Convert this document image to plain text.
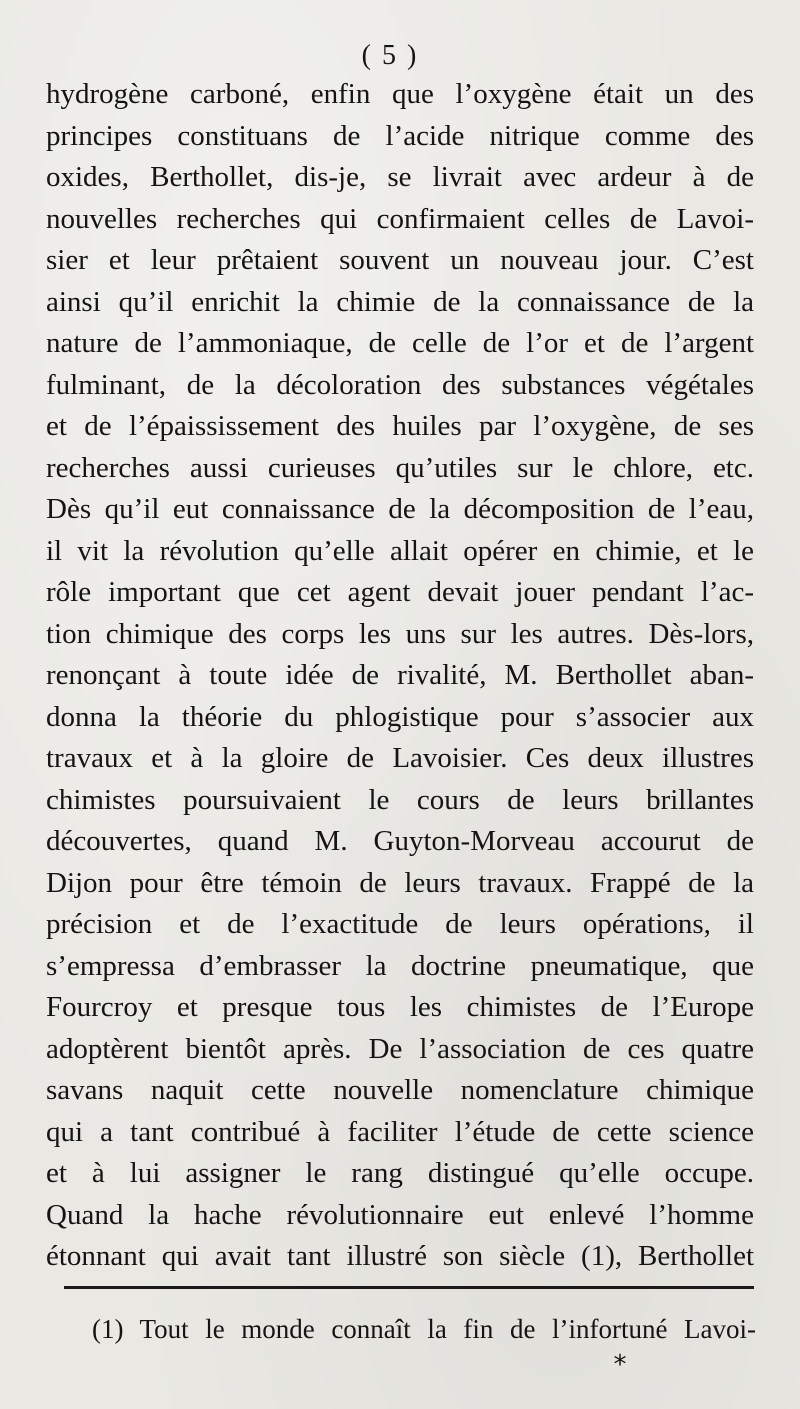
( 5 )
hydrogène carboné, enfin que l’oxygène était un des
principes constituans de l’acide nitrique comme des
oxides, Berthollet, dis-je, se livrait avec ardeur à de
nouvelles recherches qui confirmaient celles de Lavoi-
sier et leur prêtaient souvent un nouveau jour. C’est
ainsi qu’il enrichit la chimie de la connaissance de la
nature de l’ammoniaque, de celle de l’or et de l’argent
fulminant, de la décoloration des substances végétales
et de l’épaississement des huiles par l’oxygène, de ses
recherches aussi curieuses qu’utiles sur le chlore, etc.
Dès qu’il eut connaissance de la décomposition de l’eau,
il vit la révolution qu’elle allait opérer en chimie, et le
rôle important que cet agent devait jouer pendant l’ac-
tion chimique des corps les uns sur les autres. Dès-lors,
renonçant à toute idée de rivalité, M. Berthollet aban-
donna la théorie du phlogistique pour s’associer aux
travaux et à la gloire de Lavoisier. Ces deux illustres
chimistes poursuivaient le cours de leurs brillantes
découvertes, quand M. Guyton-Morveau accourut de
Dijon pour être témoin de leurs travaux. Frappé de la
précision et de l’exactitude de leurs opérations, il
s’empressa d’embrasser la doctrine pneumatique, que
Fourcroy et presque tous les chimistes de l’Europe
adoptèrent bientôt après. De l’association de ces quatre
savans naquit cette nouvelle nomenclature chimique
qui a tant contribué à faciliter l’étude de cette science
et à lui assigner le rang distingué qu’elle occupe.
Quand la hache révolutionnaire eut enlevé l’homme
étonnant qui avait tant illustré son siècle (1), Berthollet
(1) Tout le monde connaît la fin de l’infortuné Lavoi-
*
